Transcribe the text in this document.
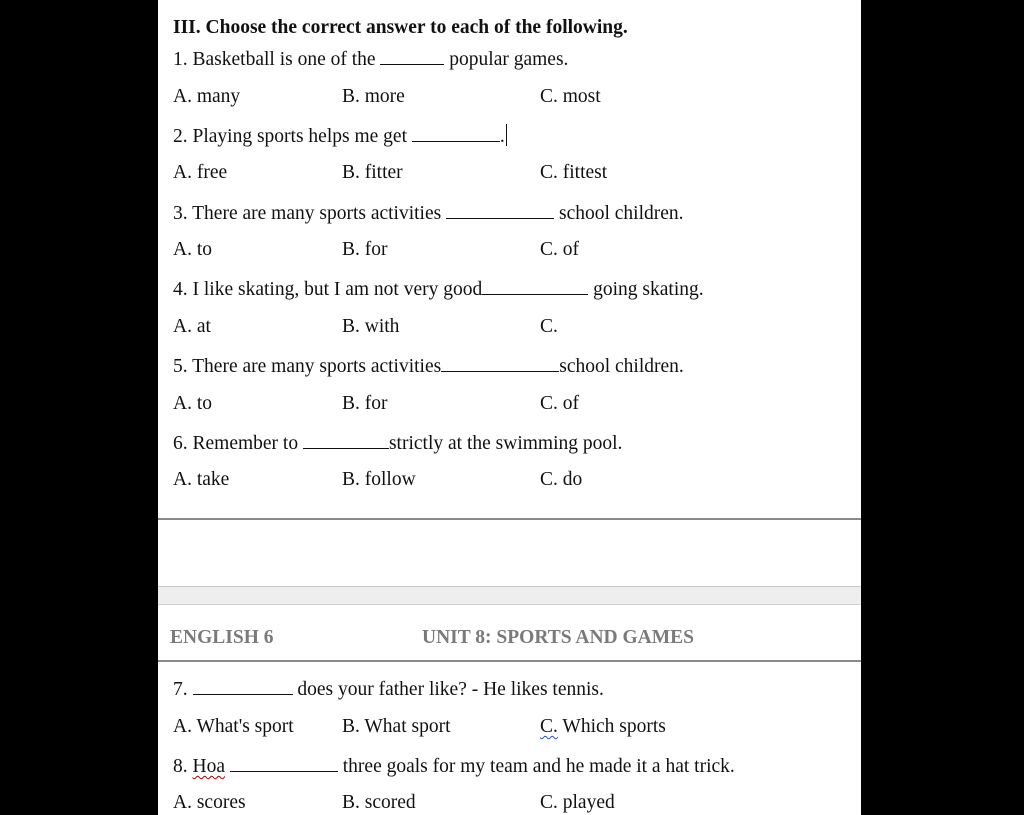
III. Choose the correct answer to each of the following.
1. Basketball is one of the	popular games.
A. many	B. more	C. most
2. Playing sports helps me get	.
A. free	B. fitter	C. fittest
3. There are many sports activities	school children.
A. to	B. for	C. of
4. I like skating, but I am not very good	going skating.
A. at	B. with	C.
5. There are many sports activities	school children.
A. to	B. for	C. of
6. Remember to	strictly at the swimming pool.
A. take	B. follow	C. do
ENGLISH 6	UNIT 8: SPORTS AND GAMES
7.	does your father like? - He likes tennis.
A. What's sport B. What sport	C. Which sports
8. Hoa	three goals for my team and he made it a hat trick.
A. scores	B. scored	C. played
